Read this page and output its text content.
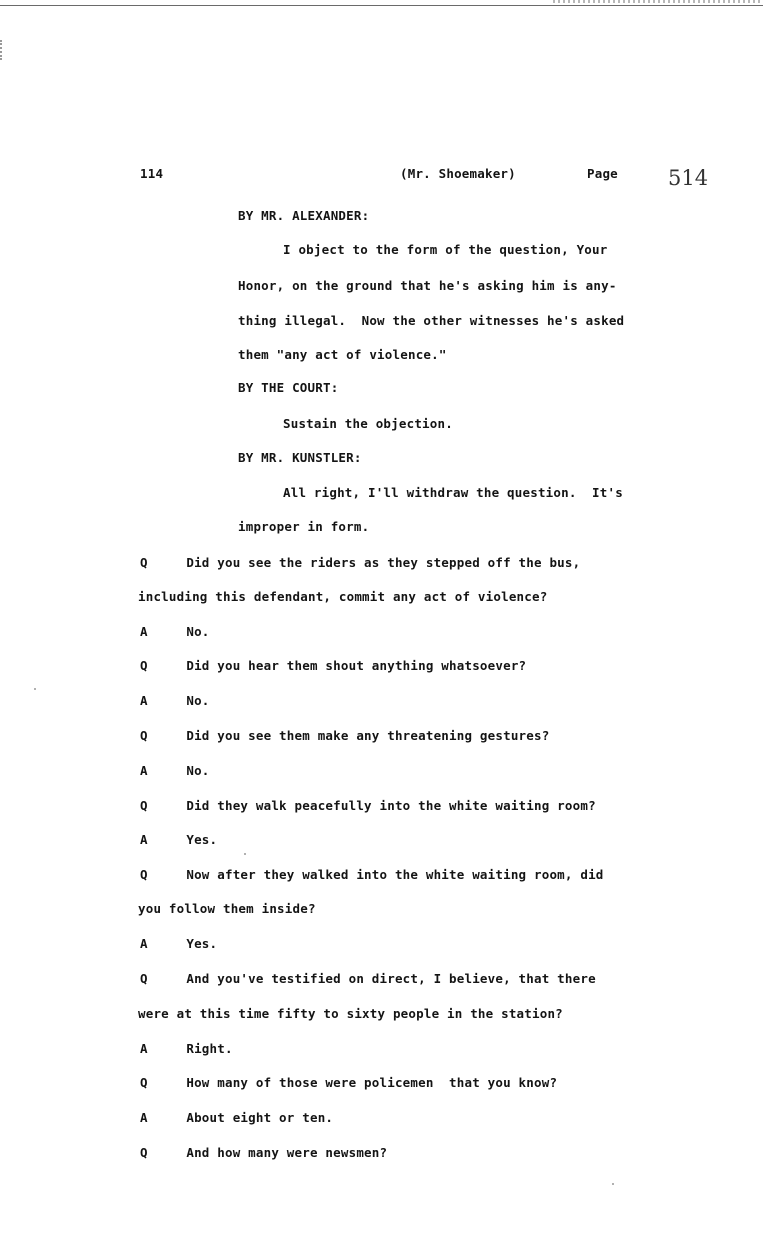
114	(Mr. Shoemaker)	Page 514
BY MR. ALEXANDER:
I object to the form of the question, Your
Honor, on the ground that he's asking him is any-
thing illegal.  Now the other witnesses he's asked
them "any act of violence."
BY THE COURT:
Sustain the objection.
BY MR. KUNSTLER:
All right, I'll withdraw the question.  It's
improper in form.
Q     Did you see the riders as they stepped off the bus,
including this defendant, commit any act of violence?
A     No.
Q     Did you hear them shout anything whatsoever?
A     No.
Q     Did you see them make any threatening gestures?
A     No.
Q     Did they walk peacefully into the white waiting room?
A     Yes.
Q     Now after they walked into the white waiting room, did
you follow them inside?
A     Yes.
Q     And you've testified on direct, I believe, that there
were at this time fifty to sixty people in the station?
A     Right.
Q     How many of those were policemen  that you know?
A     About eight or ten.
Q     And how many were newsmen?
